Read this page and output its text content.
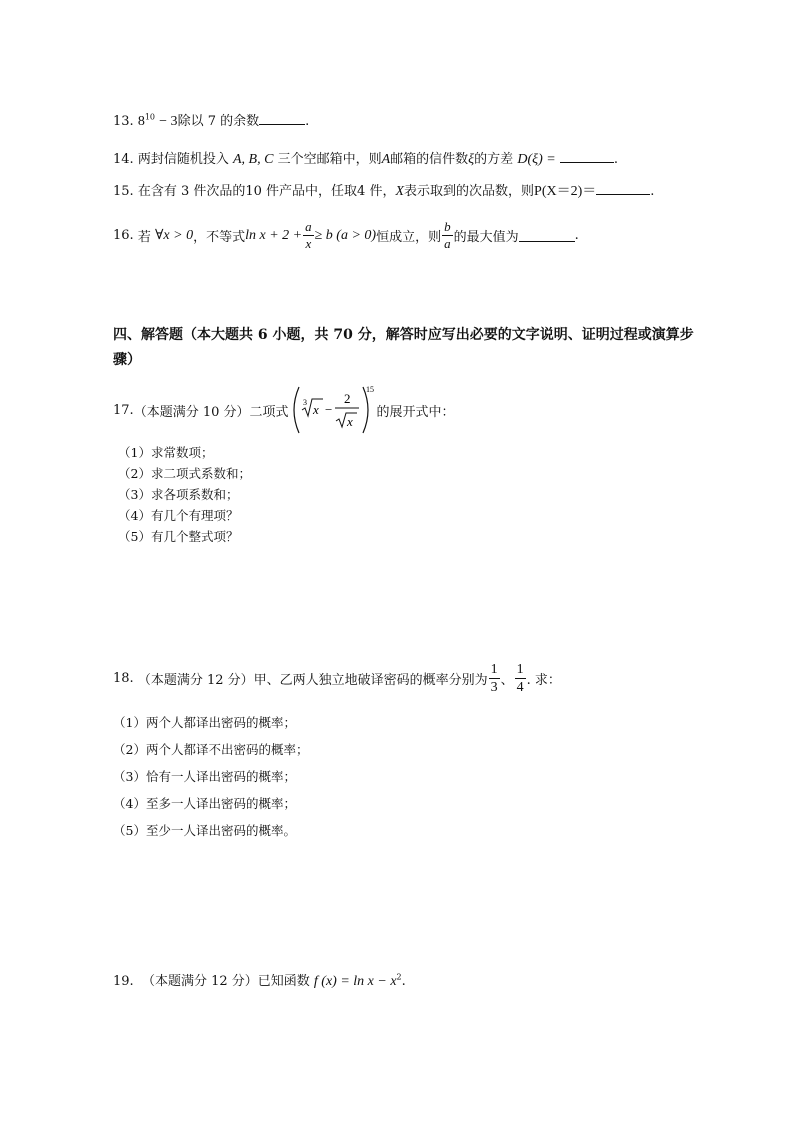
13. $8^{10} - 3$除以 7 的余数	.
14. 两封信随机投入 A, B, C 三个空邮箱中，则A邮箱的信件数ξ的方差 D(ξ) =	.
15. 在含有 3 件次品的10 件产品中，任取4 件，X表示取到的次品数，则P(X＝2)＝	.
16.
若
∀x > 0 ，不等式 $\ln x + 2 + \frac{a}{x} \ge b$ (a > 0) 恒成立，则 $\frac{b}{a}$ 的最大值为	.
四、解答题（本大题共 6 小题，共 70 分，解答时应写出必要的文字说明、证明过程或演算步
骤）
17. （本题满分 10 分）二项式
3 x −
2
x
15
的展开式中：
（1）求常数项；
（2）求二项式系数和；
（3）求各项系数和；
（4）有几个有理项？
（5）有几个整式项？
18.
（本题满分 12 分）甲、乙两人独立地破译密码的概率分别为 $\frac{1}{3}$ 、 $\frac{1}{4}$ . 求：
（1）两个人都译出密码的概率；
（2）两个人都译不出密码的概率；
（3）恰有一人译出密码的概率；
（4）至多一人译出密码的概率；
（5）至少一人译出密码的概率。
19. （本题满分 12 分）已知函数 f $(x) = \ln x - x^2$.
